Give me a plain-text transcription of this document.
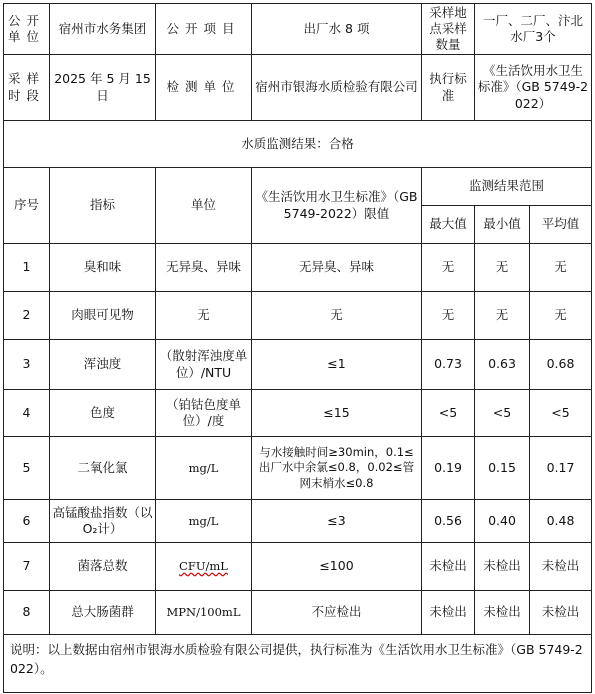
公开单位	宿州市水务集团	公开项目	出厂水 8 项	采样地点采样数量	一厂、二厂、汴北水厂3个	
采样时段	2025 年 5 月 15 日	检测单位	宿州市银海水质检验有限公司	执行标准	《生活饮用水卫生标准》（GB 5749-2022）	
水质监测结果：合格						
序号	指标	单位	《生活饮用水卫生标准》（GB 5749-2022）限值	监测结果范围		
				最大值	最小值	平均值
1	臭和味	无异臭、异味	无异臭、异味	无	无	无
2	肉眼可见物	无	无	无	无	无
3	浑浊度	（散射浑浊度单位）/NTU	≤1	0.73	0.63	0.68
4	色度	（铂钴色度单位）/度	≤15	<5	<5	<5
5	二氧化氯	mg/L	与水接触时间≥30min，0.1≤出厂水中余氯≤0.8，0.02≤管网末梢水≤0.8	0.19	0.15	0.17
6	高锰酸盐指数（以O₂计）	mg/L	≤3	0.56	0.40	0.48
7	菌落总数	CFU/mL	≤100	未检出	未检出	未检出
8	总大肠菌群	MPN/100mL	不应检出	未检出	未检出	未检出
说明：以上数据由宿州市银海水质检验有限公司提供，执行标准为《生活饮用水卫生标准》（GB 5749-2022）。						
